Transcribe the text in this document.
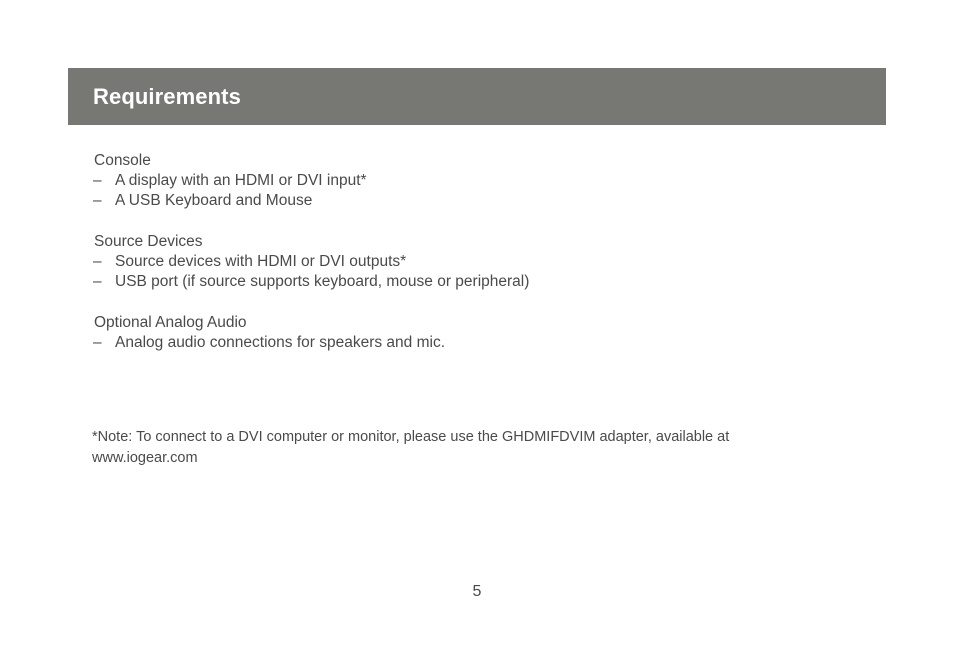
Requirements
Console
– A display with an HDMI or DVI input*
– A USB Keyboard and Mouse
Source Devices
– Source devices with HDMI or DVI outputs*
– USB port (if source supports keyboard, mouse or peripheral)
Optional Analog Audio
– Analog audio connections for speakers and mic.
*Note: To connect to a DVI computer or monitor, please use the GHDMIFDVIM adapter, available at
www.iogear.com
5
